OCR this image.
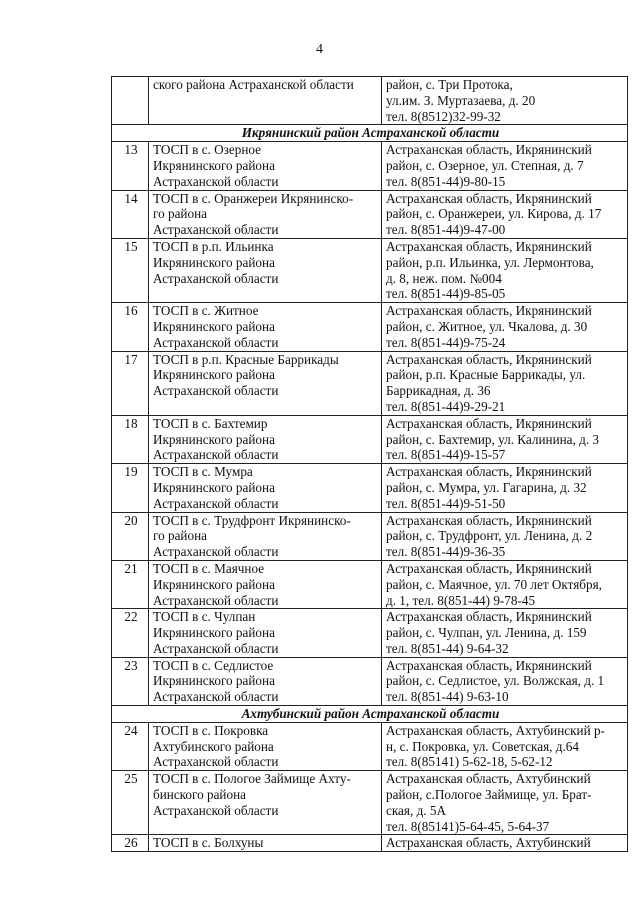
4
	ского района Астраханской области	район, с. Три Протока,
ул.им. З. Муртазаева, д. 20
тел. 8(8512)32-99-32
Икрянинский район Астраханской области		
13	ТОСП в с. Озерное
Икрянинского района
Астраханской области	Астраханская область, Икрянинский
район, с. Озерное, ул. Степная, д. 7
тел. 8(851-44)9-80-15
14	ТОСП в с. Оранжереи Икрянинско-
го района
Астраханской области	Астраханская область, Икрянинский
район, с. Оранжереи, ул. Кирова, д. 17
тел. 8(851-44)9-47-00
15	ТОСП в р.п. Ильинка
Икрянинского района
Астраханской области	Астраханская область, Икрянинский
район, р.п. Ильинка, ул. Лермонтова,
д. 8, неж. пом. №004
тел. 8(851-44)9-85-05
16	ТОСП в с. Житное
Икрянинского района
Астраханской области	Астраханская область, Икрянинский
район, с. Житное, ул. Чкалова, д. 30
тел. 8(851-44)9-75-24
17	ТОСП в р.п. Красные Баррикады
Икрянинского района
Астраханской области	Астраханская область, Икрянинский
район, р.п. Красные Баррикады, ул.
Баррикадная, д. 36
тел. 8(851-44)9-29-21
18	ТОСП в с. Бахтемир
Икрянинского района
Астраханской области	Астраханская область, Икрянинский
район, с. Бахтемир, ул. Калинина, д. 3
тел. 8(851-44)9-15-57
19	ТОСП в с. Мумра
Икрянинского района
Астраханской области	Астраханская область, Икрянинский
район, с. Мумра, ул. Гагарина, д. 32
тел. 8(851-44)9-51-50
20	ТОСП в с. Трудфронт Икрянинско-
го района
Астраханской области	Астраханская область, Икрянинский
район, с. Трудфронт, ул. Ленина, д. 2
тел. 8(851-44)9-36-35
21	ТОСП в с. Маячное
Икрянинского района
Астраханской области	Астраханская область, Икрянинский
район, с. Маячное, ул. 70 лет Октября,
д. 1, тел. 8(851-44) 9-78-45
22	ТОСП в с. Чулпан
Икрянинского района
Астраханской области	Астраханская область, Икрянинский
район, с. Чулпан, ул. Ленина, д. 159
тел. 8(851-44) 9-64-32
23	ТОСП в с. Седлистое
Икрянинского района
Астраханской области	Астраханская область, Икрянинский
район, с. Седлистое, ул. Волжская, д. 1
тел. 8(851-44) 9-63-10
Ахтубинский район Астраханской области		
24	ТОСП в с. Покровка
Ахтубинского района
Астраханской области	Астраханская область, Ахтубинский р-
н, с. Покровка, ул. Советская, д.64
тел. 8(85141) 5-62-18, 5-62-12
25	ТОСП в с. Пологое Займище Ахту-
бинского района
Астраханской области	Астраханская область, Ахтубинский
район, с.Пологое Займище, ул. Брат-
ская, д. 5А
тел. 8(85141)5-64-45, 5-64-37
26	ТОСП в с. Болхуны	Астраханская область, Ахтубинский
